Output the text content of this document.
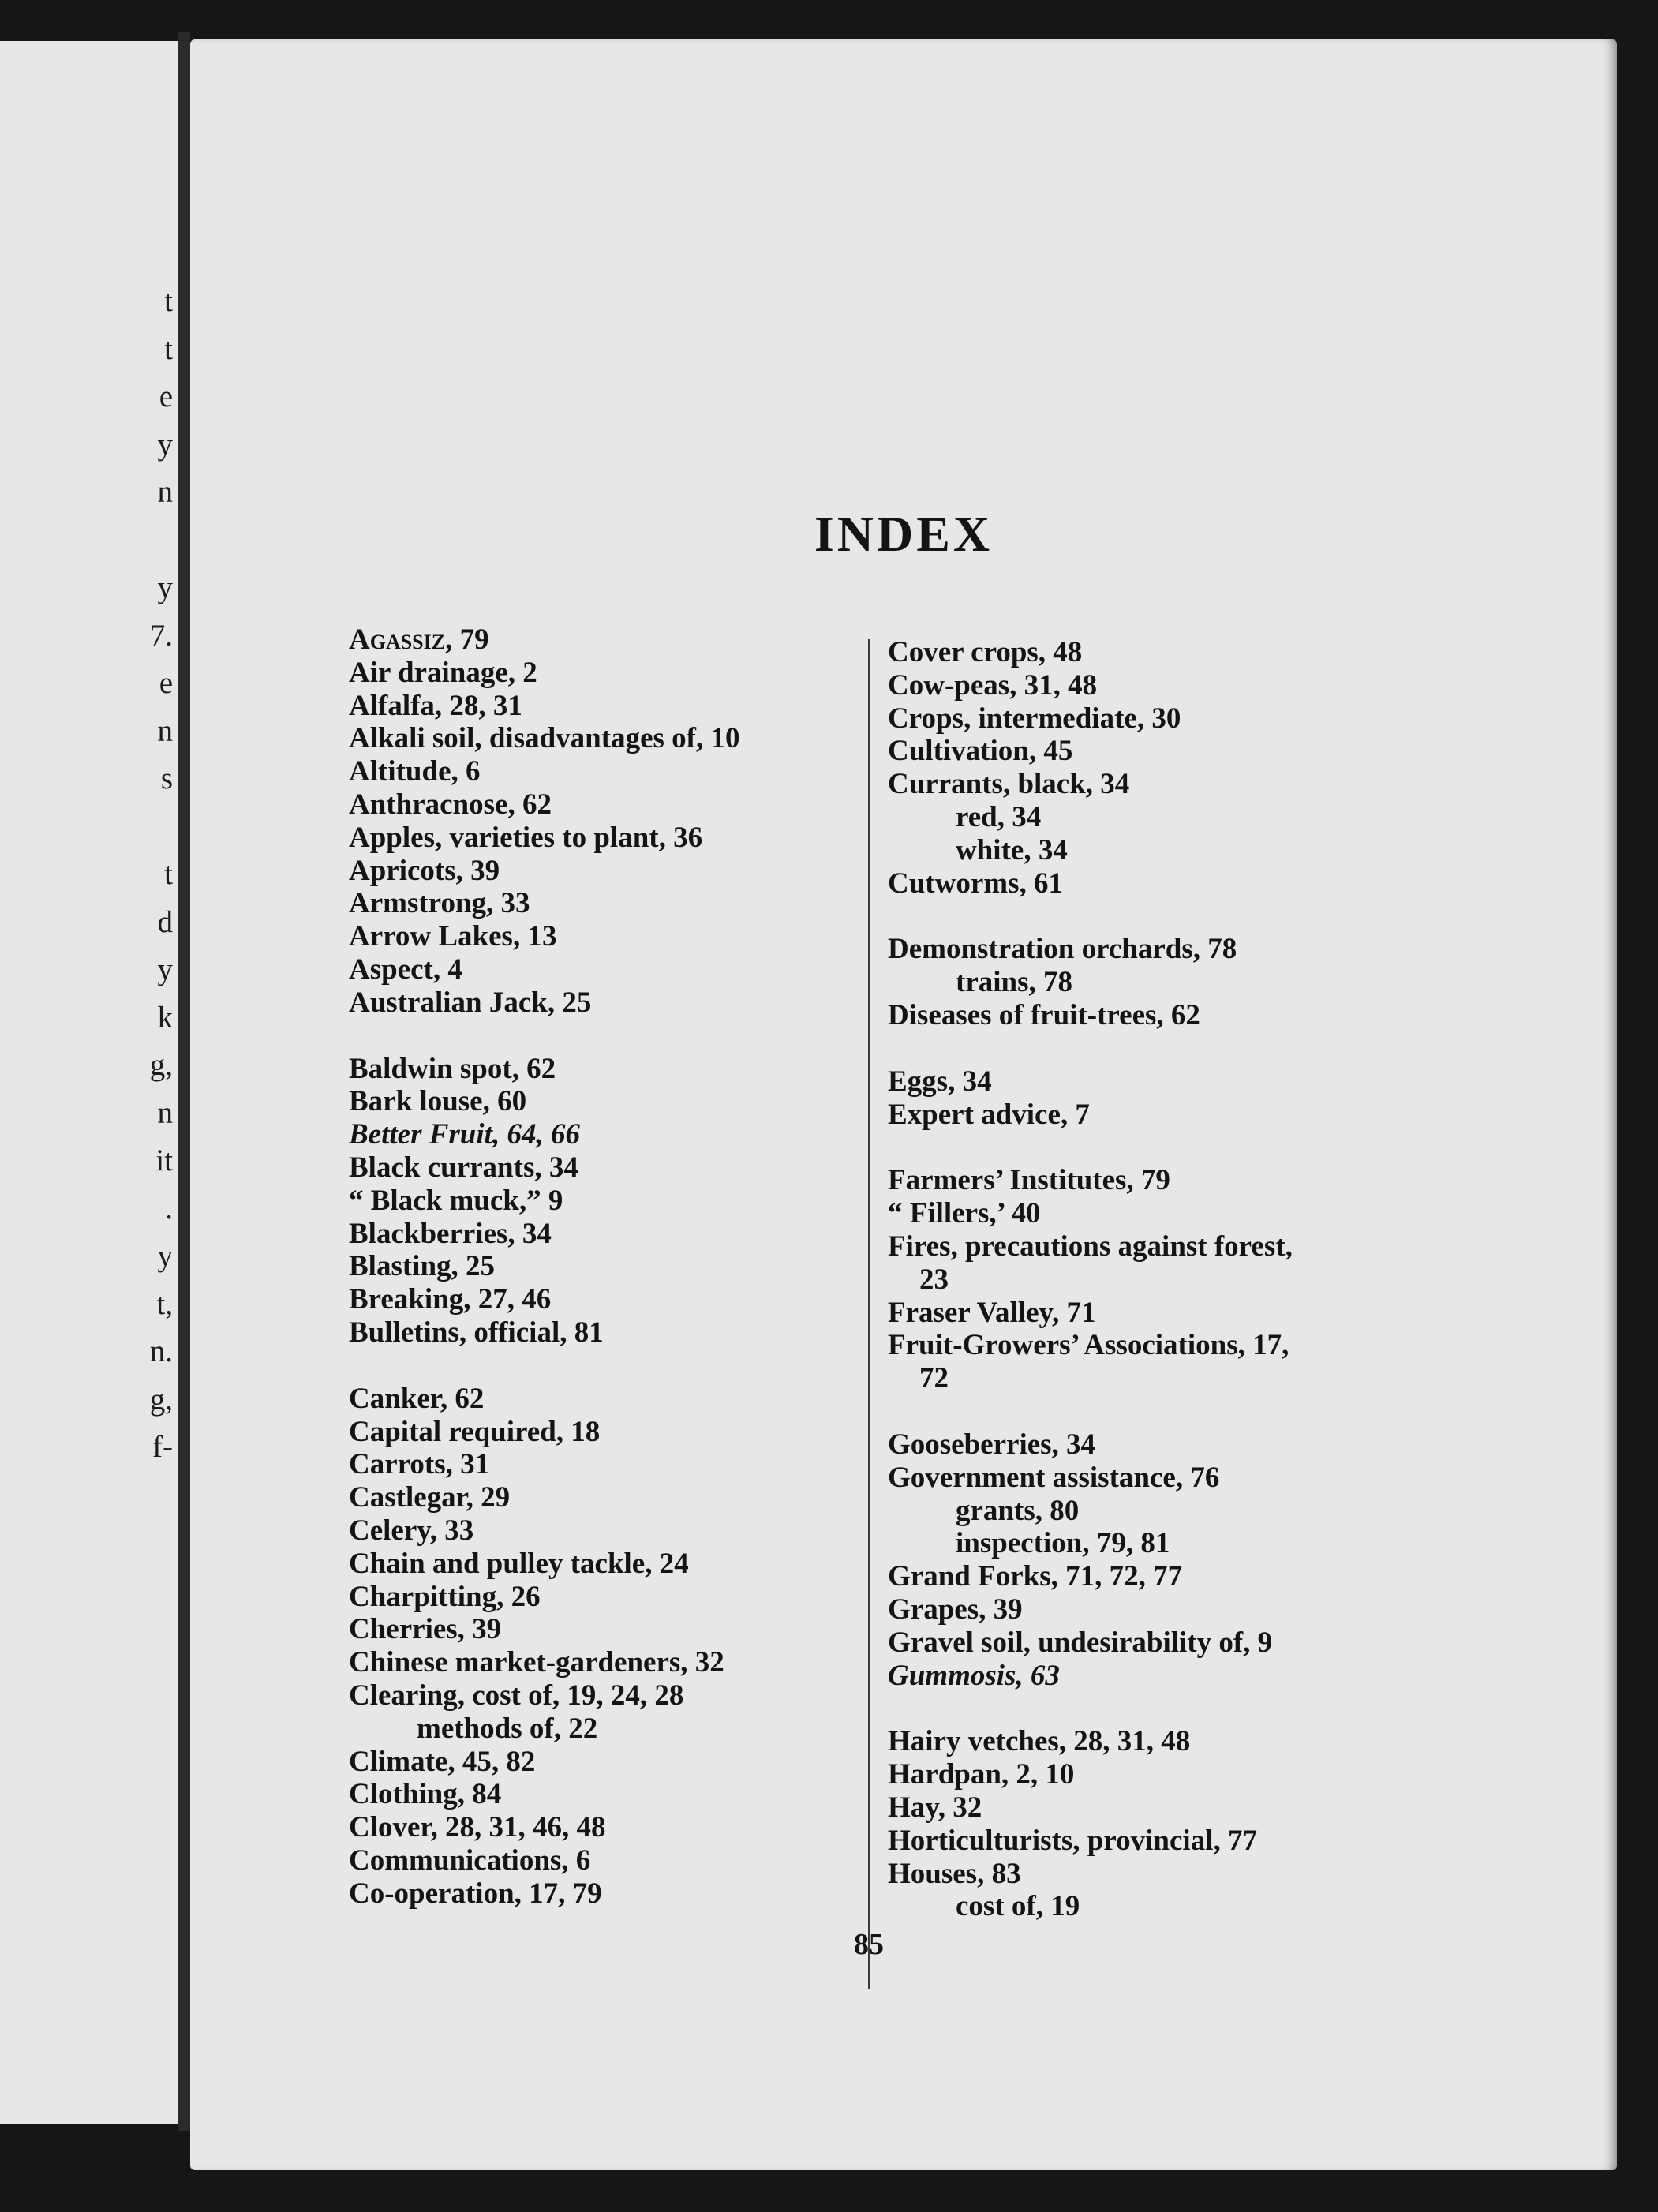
t
t
e
y
n
y
7.
e
n
s
t
d
y
k
g,
n
it
.
y
t,
n.
g,
f-
INDEX
Agassiz, 79
Air drainage, 2
Alfalfa, 28, 31
Alkali soil, disadvantages of, 10
Altitude, 6
Anthracnose, 62
Apples, varieties to plant, 36
Apricots, 39
Armstrong, 33
Arrow Lakes, 13
Aspect, 4
Australian Jack, 25
Baldwin spot, 62
Bark louse, 60
Better Fruit, 64, 66
Black currants, 34
“ Black muck,” 9
Blackberries, 34
Blasting, 25
Breaking, 27, 46
Bulletins, official, 81
Canker, 62
Capital required, 18
Carrots, 31
Castlegar, 29
Celery, 33
Chain and pulley tackle, 24
Charpitting, 26
Cherries, 39
Chinese market-gardeners, 32
Clearing, cost of, 19, 24, 28
methods of, 22
Climate, 45, 82
Clothing, 84
Clover, 28, 31, 46, 48
Communications, 6
Co-operation, 17, 79
Cover crops, 48
Cow-peas, 31, 48
Crops, intermediate, 30
Cultivation, 45
Currants, black, 34
red, 34
white, 34
Cutworms, 61
Demonstration orchards, 78
trains, 78
Diseases of fruit-trees, 62
Eggs, 34
Expert advice, 7
Farmers’ Institutes, 79
“ Fillers,’ 40
Fires, precautions against forest,
23
Fraser Valley, 71
Fruit-Growers’ Associations, 17,
72
Gooseberries, 34
Government assistance, 76
grants, 80
inspection, 79, 81
Grand Forks, 71, 72, 77
Grapes, 39
Gravel soil, undesirability of, 9
Gummosis, 63
Hairy vetches, 28, 31, 48
Hardpan, 2, 10
Hay, 32
Horticulturists, provincial, 77
Houses, 83
cost of, 19

85
